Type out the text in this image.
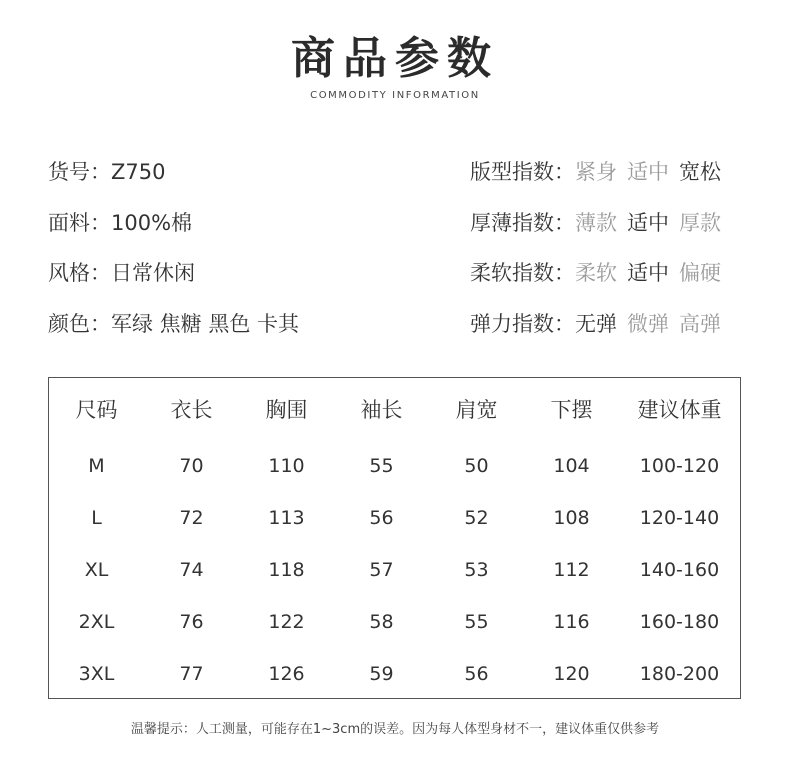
商品参数
COMMODITY INFORMATION
货号：Z750	版型指数：紧身 适中 宽松
面料：100%棉	厚薄指数：薄款 适中 厚款
风格：日常休闲	柔软指数：柔软 适中 偏硬
颜色：军绿 焦糖 黑色 卡其	弹力指数：无弹 微弹 高弹
尺码	衣长	胸围	袖长	肩宽	下摆	建议体重
M	70	110	55	50	104	100-120
L	72	113	56	52	108	120-140
XL	74	118	57	53	112	140-160
2XL	76	122	58	55	116	160-180
3XL	77	126	59	56	120	180-200
温馨提示：人工测量，可能存在1~3cm的误差。因为每人体型身材不一，建议体重仅供参考
